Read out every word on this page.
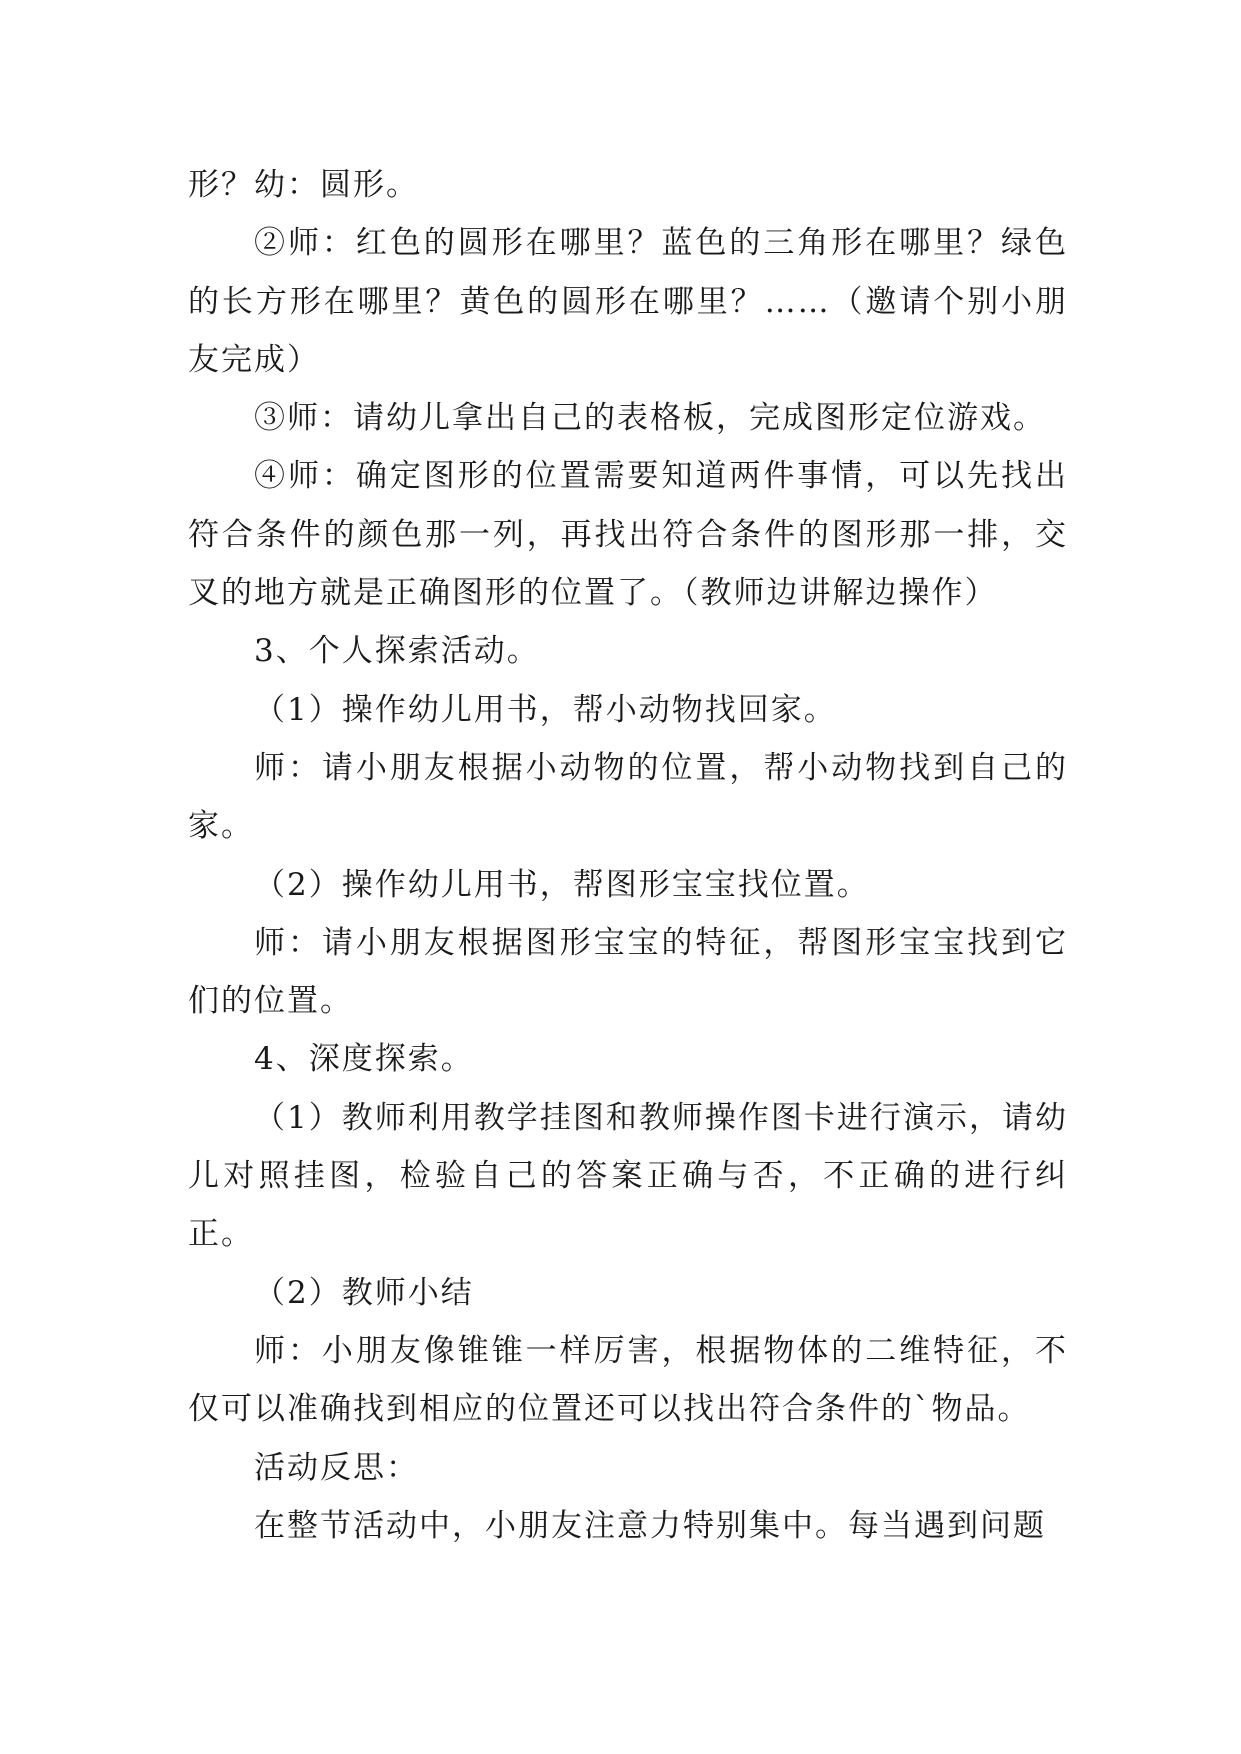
形？幼：圆形。

②师：红色的圆形在哪里？蓝色的三角形在哪里？绿色的长方形在哪里？黄色的圆形在哪里？……（邀请个别小朋友完成）

③师：请幼儿拿出自己的表格板，完成图形定位游戏。

④师：确定图形的位置需要知道两件事情，可以先找出符合条件的颜色那一列，再找出符合条件的图形那一排，交叉的地方就是正确图形的位置了。（教师边讲解边操作）

3、个人探索活动。

（1）操作幼儿用书，帮小动物找回家。

师：请小朋友根据小动物的位置，帮小动物找到自己的家。

（2）操作幼儿用书，帮图形宝宝找位置。

师：请小朋友根据图形宝宝的特征，帮图形宝宝找到它们的位置。

4、深度探索。

（1）教师利用教学挂图和教师操作图卡进行演示，请幼儿对照挂图，检验自己的答案正确与否，不正确的进行纠正。

（2）教师小结

师：小朋友像锥锥一样厉害，根据物体的二维特征，不仅可以准确找到相应的位置还可以找出符合条件的`物品。

活动反思：

在整节活动中，小朋友注意力特别集中。每当遇到问题
